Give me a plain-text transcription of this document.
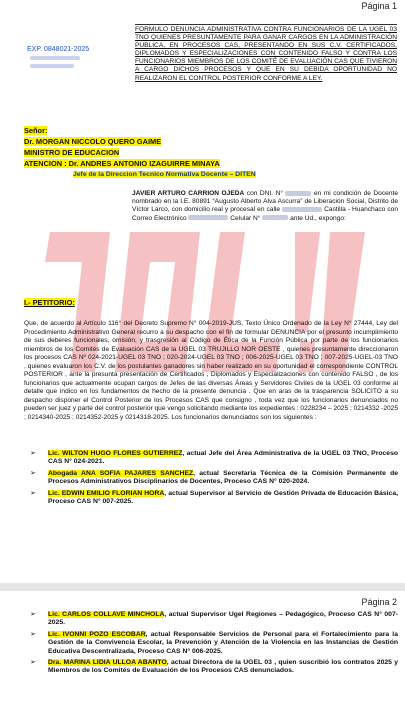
Página 1
EXP. 0848021-2025
FORMULO DENUNCIA ADMINISTRATIVA CONTRA FUNCIONARIOS DE LA UGEL 03 TNO QUIENES PRESUNTAMENTE PARA GANAR CARGOS EN LA ADMINISTRACIÓN PUBLICA, EN PROCESOS CAS, PRESENTANDO EN SUS C.V. CERTIFICADOS, DIPLOMADOS Y ESPECIALIZACIONES CON CONTENIDO FALSO Y CONTRA LOS FUNCIONARIOS MIEMBROS DE LOS COMITÉ DE EVALUACIÓN CAS QUE TIVIERON A CARGO DICHOS PROCESOS Y QUE EN SU DEBIDA OPORTUNIDAD NO REALIZARON EL CONTROL POSTERIOR CONFORME A LEY.
Señor:
Dr. MORGAN NICCOLO QUERO GAIME
MINISTRO DE EDUCACION
ATENCION : Dr. ANDRES ANTONIO IZAGUIRRE MINAYA
Jefe de la Direccion Tecnico Normativa Docente – DITEN
JAVIER ARTURO CARRION OJEDA con DNI. N°	en mi condición de Docente nombrado en la I.E. 80891 “Augusto Alberto Alva Ascurra” de Liberación Social, Distrito de Víctor Larco, con domicilio real y procesal en calle	Castilla - Huanchaco con Correo Electrónico	Celular N°	ante Ud., expongo:
I.- PETITORIO:
Que, de acuerdo al Artículo 116° del Decreto Supremo N° 004-2019-JUS, Texto Único Ordenado de la Ley N° 27444, Ley del Procedimiento Administrativo General recurro a su despacho con el fin de formular DENUNCIA por el presunto incumplimiento de sus deberes funcionales, omisión, y trasgresión al Código de Ética de la Función Pública por parte de los funcionarios miembros de los Comités de Evaluación CAS de la UGEL 03 TRUJILLO NOR OESTE , quienes presuntamente direccionaron los procesos CAS Nº 024-2021-UGEL 03 TNO ; 020-2024-UGEL 03 TNO ; 006-2025-UGEL 03 TNO ; 007-2025-UGEL-03 TNO , quienes evaluaron los C.V. de los postulantes ganadores sin haber realizado en su oportunidad el correspondiente CONTROL POSTERIOR , ante la presunta presentación de Certificados , Diplomados y Especializaciones con contenido FALSO , de los funcionarios que actualmente ocupan cargos de Jefes de las diversas Áreas y Servidores Civiles de la UGEL 03 conforme al detalle que indico en los fundamentos de hecho de la presente denuncia . Que en aras de la trasparencia SOLICITO a su despacho disponer el Control Posterior de los Procesos CAS que consigno , toda vez que los funcionarios denunciados no pueden ser juez y parte del control posterior que vengo solicitando mediante los expedientes : 0228234 – 2025 ; 0214332 -2025 ; 0214340-2025 ; 0214352-2025 y 0214318-2025. Los funcionarios denunciados son los siguientes :
➢ Lic. WILTON HUGO FLORES GUTIERREZ, actual Jefe del Área Administrativa de la UGEL 03 TNO, Proceso CAS N° 024-2021.
➢ Abogada ANA SOFIA PAJARES SANCHEZ, actual Secretaria Técnica de la Comisión Permanente de Procesos Administrativos Disciplinarios de Docentes, Proceso CAS N° 020-2024.
➢ Lic. EDWIN EMILIO FLORIAN HORA, actual Supervisor al Servicio de Gestión Privada de Educación Básica, Proceso CAS N° 007-2025.
Página 2
➢ Lic. CARLOS COLLAVE MINCHOLA, actual Supervisor Ugel Regiones – Pedagógico, Proceso CAS N° 007-2025.
➢ Lic. IVONNI POZO ESCOBAR, actual Responsable Servicios de Personal para el Fortalecimiento para la Gestión de la Convivencia Escolar, la Prevención y Atención de la Violencia en las Instancias de Gestión Educativa Descentralizada, Proceso CAS N° 006-2025.
➢ Dra. MARINA LIDIA ULLOA ABANTO, actual Directora de la UGEL 03 , quien suscribió los contratos 2025 y Miembros de los Comités de Evaluación de los Procesos CAS denunciados.
